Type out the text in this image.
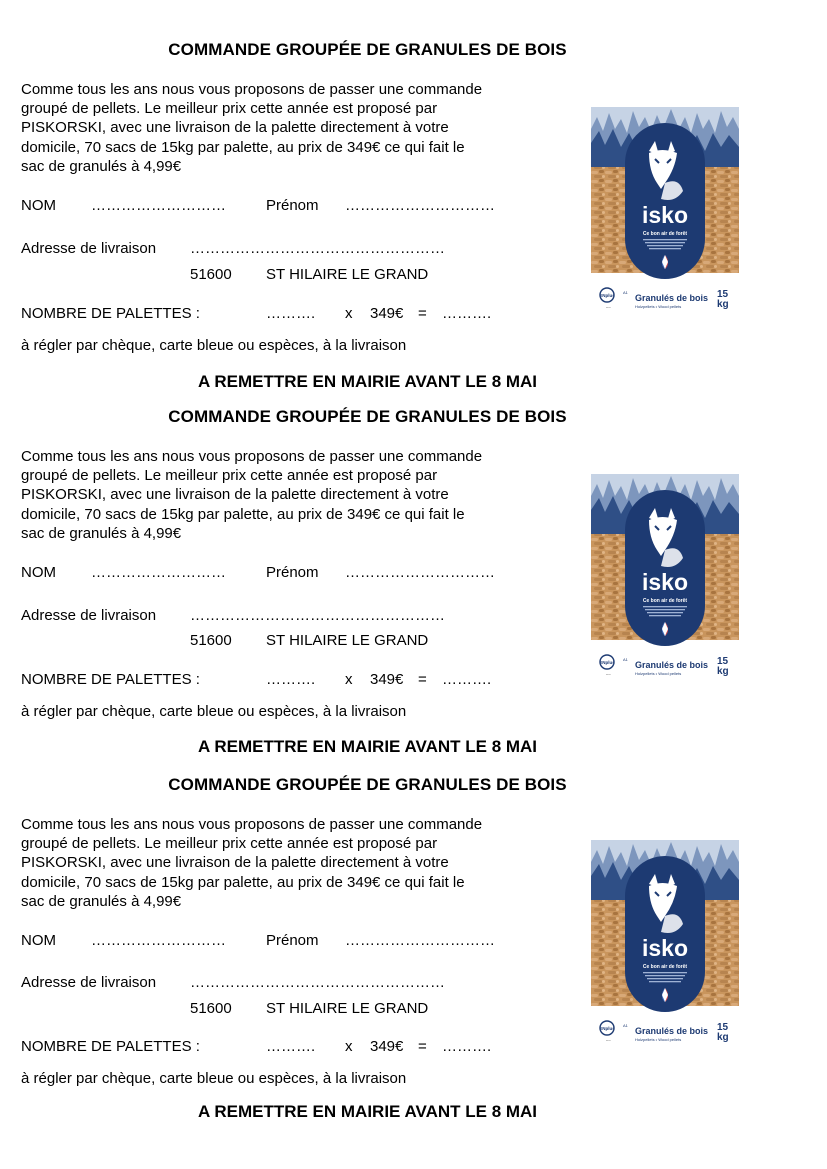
COMMANDE GROUPÉE DE GRANULES DE BOIS
Comme tous les ans nous vous proposons de passer une commande
groupé de pellets. Le meilleur prix cette année est proposé par
PISKORSKI, avec une livraison de la palette directement à votre
domicile, 70 sacs de 15kg par palette, au prix de 349€ ce qui fait le
sac de granulés à 4,99€
NOM ………………………	Prénom …………………………
Adresse de livraison ……………………………………………
51600 ST HILAIRE LE GRAND
NOMBRE DE PALETTES :	………. x 349€ = ……….
à régler par chèque, carte bleue ou espèces, à la livraison
A REMETTRE EN MAIRIE AVANT LE 8 MAI
Granulés de bois
Holzpellets • Wood pellets
15
kg
COMMANDE GROUPÉE DE GRANULES DE BOIS
Comme tous les ans nous vous proposons de passer une commande
groupé de pellets. Le meilleur prix cette année est proposé par
PISKORSKI, avec une livraison de la palette directement à votre
domicile, 70 sacs de 15kg par palette, au prix de 349€ ce qui fait le
sac de granulés à 4,99€
NOM ………………………	Prénom …………………………
Adresse de livraison ……………………………………………
51600 ST HILAIRE LE GRAND
NOMBRE DE PALETTES :	………. x 349€ = ……….
à régler par chèque, carte bleue ou espèces, à la livraison
A REMETTRE EN MAIRIE AVANT LE 8 MAI
Granulés de bois
Holzpellets • Wood pellets
15
kg
COMMANDE GROUPÉE DE GRANULES DE BOIS
Comme tous les ans nous vous proposons de passer une commande
groupé de pellets. Le meilleur prix cette année est proposé par
PISKORSKI, avec une livraison de la palette directement à votre
domicile, 70 sacs de 15kg par palette, au prix de 349€ ce qui fait le
sac de granulés à 4,99€
NOM ………………………	Prénom …………………………
Adresse de livraison ……………………………………………
51600 ST HILAIRE LE GRAND
NOMBRE DE PALETTES :	………. x 349€ = ……….
à régler par chèque, carte bleue ou espèces, à la livraison
A REMETTRE EN MAIRIE AVANT LE 8 MAI
Granulés de bois
Holzpellets • Wood pellets
15
kg
